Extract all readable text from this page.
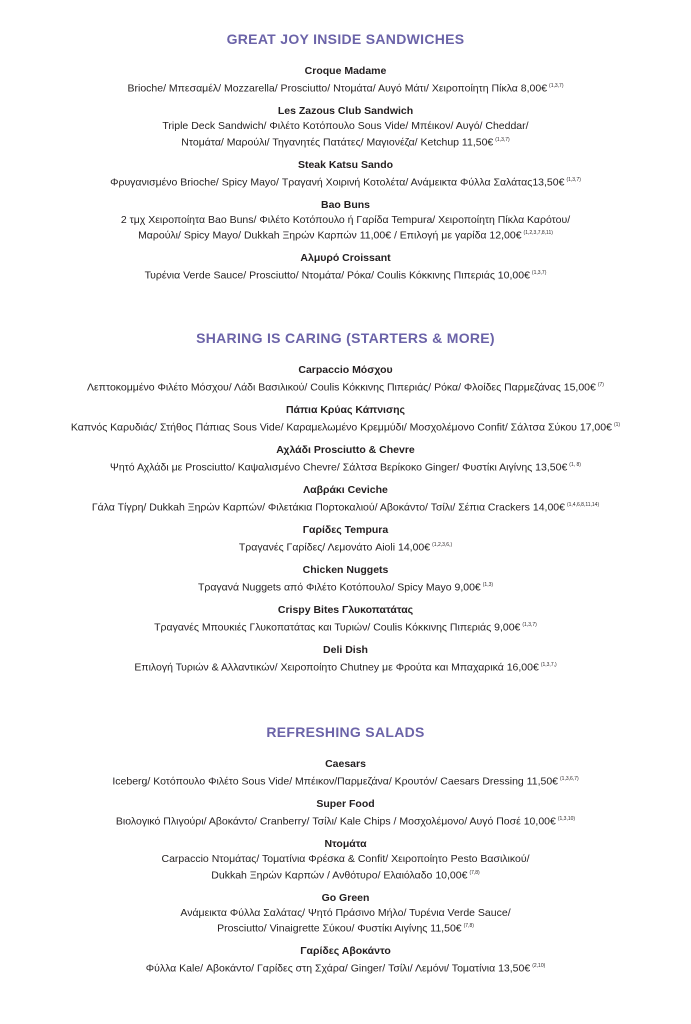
GREAT JOY INSIDE SANDWICHES
Croque Madame
Brioche/ Μπεσαμέλ/ Mozzarella/ Prosciutto/ Ντομάτα/ Αυγό Μάτι/ Χειροποίητη Πίκλα 8,00€ $^{(1,3,7)}$
Les Zazous Club Sandwich
Triple Deck Sandwich/ Φιλέτο Κοτόπουλο Sous Vide/ Μπέικον/ Αυγό/ Cheddar/
Ντομάτα/ Μαρούλι/ Τηγανητές Πατάτες/ Μαγιονέζα/ Ketchup 11,50€ $^{(1,3,7)}$
Steak Katsu Sando
Φρυγανισμένο Brioche/ Spicy Mayo/ Τραγανή Χοιρινή Κοτολέτα/ Ανάμεικτα Φύλλα Σαλάτας13,50€ $^{(1,3,7)}$
Bao Buns
2 τμχ Χειροποίητα Bao Buns/ Φιλέτο Κοτόπουλο ή Γαρίδα Tempura/ Χειροποίητη Πίκλα Καρότου/
Μαρούλι/ Spicy Mayo/ Dukkah Ξηρών Καρπών 11,00€ / Επιλογή με γαρίδα 12,00€ $^{(1,2,3,7,8,11)}$
Αλμυρό Croissant
Τυρένια Verde Sauce/ Prosciutto/ Ντομάτα/ Ρόκα/ Coulis Κόκκινης Πιπεριάς 10,00€ $^{(1,3,7)}$
SHARING IS CARING (STARTERS & MORE)
Carpaccio Μόσχου
Λεπτοκομμένο Φιλέτο Μόσχου/ Λάδι Βασιλικού/ Coulis Κόκκινης Πιπεριάς/ Ρόκα/ Φλοίδες Παρμεζάνας 15,00€ $^{(7)}$
Πάπια Κρύας Κάπνισης
Καπνός Καρυδιάς/ Στήθος Πάπιας Sous Vide/ Καραμελωμένο Κρεμμύδι/ Μοσχολέμονο Confit/ Σάλτσα Σύκου 17,00€ $^{(1)}$
Αχλάδι Prosciutto & Chevre
Ψητό Αχλάδι με Prosciutto/ Καψαλισμένο Chevre/ Σάλτσα Βερίκοκο Ginger/ Φυστίκι Αιγίνης 13,50€ $^{(1, 8)}$
Λαβράκι Ceviche
Γάλα Τίγρη/ Dukkah Ξηρών Καρπών/ Φιλετάκια Πορτοκαλιού/ Αβοκάντο/ Τσίλι/ Σέπια Crackers 14,00€ $^{(1,4,6,8,11,14)}$
Γαρίδες Tempura
Τραγανές Γαρίδες/ Λεμονάτο Aioli 14,00€ $^{(1,2,3,6,)}$
Chicken Nuggets
Τραγανά Nuggets από Φιλέτο Κοτόπουλο/ Spicy Mayo 9,00€ $^{(1,3)}$
Crispy Bites Γλυκοπατάτας
Τραγανές Μπουκιές Γλυκοπατάτας και Τυριών/ Coulis Κόκκινης Πιπεριάς 9,00€ $^{(1,3,7)}$
Deli Dish
Επιλογή Τυριών & Αλλαντικών/ Χειροποίητο Chutney με Φρούτα και Μπαχαρικά 16,00€ $^{(1,3,7,)}$
REFRESHING SALADS
Caesars
Iceberg/ Κοτόπουλο Φιλέτο Sous Vide/ Μπέικον/Παρμεζάνα/ Κρουτόν/ Caesars Dressing 11,50€ $^{(1,3,6,7)}$
Super Food
Βιολογικό Πλιγούρι/ Αβοκάντο/ Cranberry/ Τσίλι/ Kale Chips / Μοσχολέμονο/ Αυγό Ποσέ 10,00€ $^{(1,3,10)}$
Ντομάτα
Carpaccio Ντομάτας/ Τοματίνια Φρέσκα & Confit/ Χειροποίητο Pesto Βασιλικού/
Dukkah Ξηρών Καρπών / Ανθότυρο/ Ελαιόλαδο 10,00€ $^{(7,8)}$
Go Green
Ανάμεικτα Φύλλα Σαλάτας/ Ψητό Πράσινο Μήλο/ Τυρένια Verde Sauce/
Prosciutto/ Vinaigrette Σύκου/ Φυστίκι Αιγίνης 11,50€ $^{(7,8)}$
Γαρίδες Αβοκάντο
Φύλλα Kale/ Αβοκάντο/ Γαρίδες στη Σχάρα/ Ginger/ Τσίλι/ Λεμόνι/ Τοματίνια 13,50€ $^{(2,10)}$
